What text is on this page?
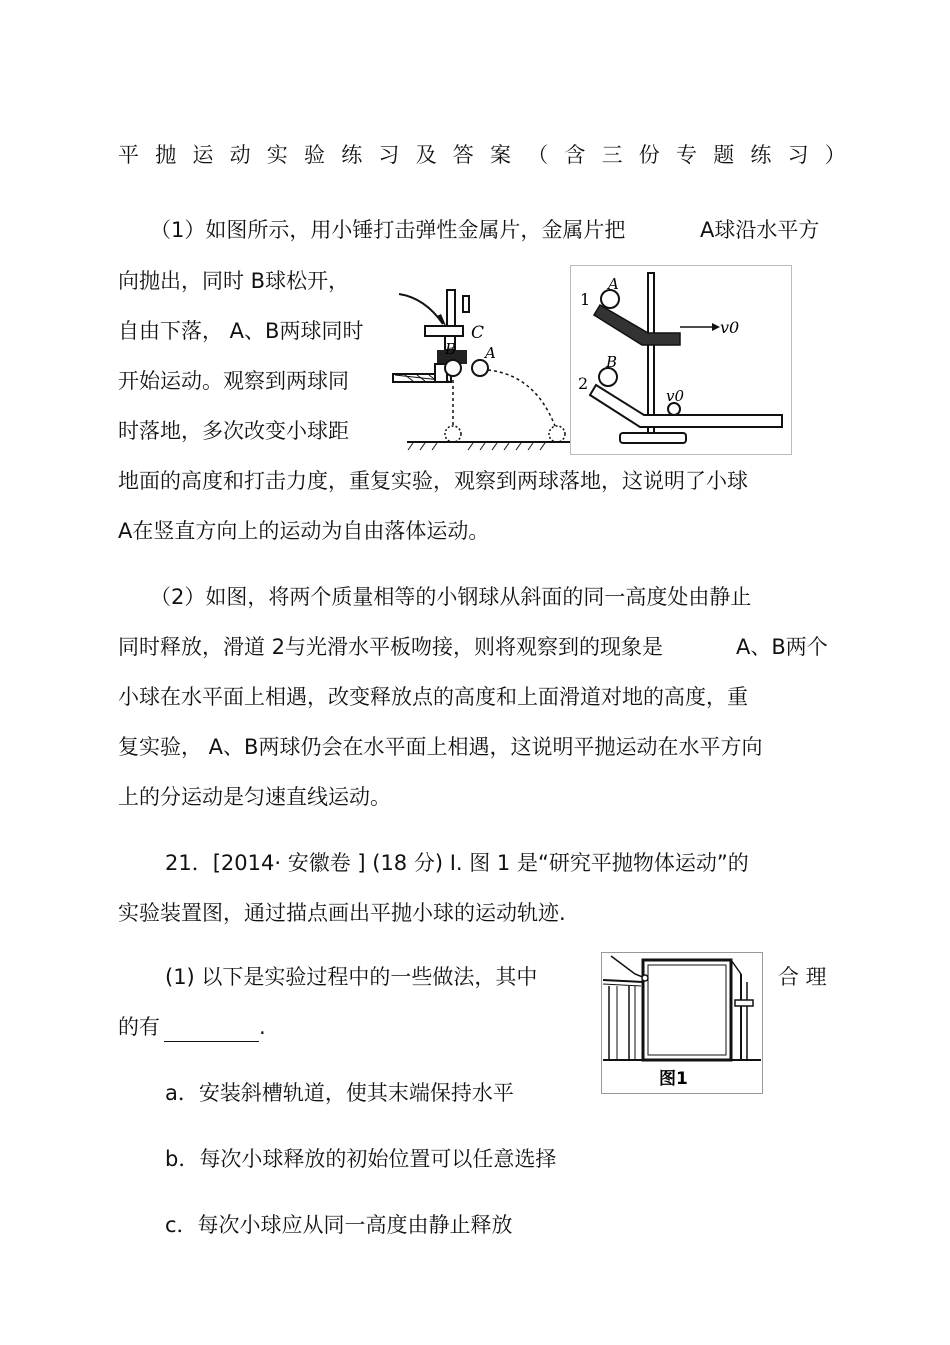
平抛运动实验练习及答案（含三份专题练习）
（1）如图所示，用小锤打击弹性金属片，金属片把	A球沿水平方
向抛出，同时 B球松开，
自由下落， A、B两球同时
开始运动。观察到两球同
时落地，多次改变小球距
地面的高度和打击力度，重复实验，观察到两球落地，这说明了小球
A在竖直方向上的运动为自由落体运动。
C
B A
1
A
v0
2
B
v0
（2）如图，将两个质量相等的小钢球从斜面的同一高度处由静止
同时释放，滑道 2与光滑水平板吻接，则将观察到的现象是	A、B两个
小球在水平面上相遇，改变释放点的高度和上面滑道对地的高度，重
复实验， A、B两球仍会在水平面上相遇，这说明平抛运动在水平方向
上的分运动是匀速直线运动。
21．[2014· 安徽卷 ] (18 分) Ⅰ. 图 1 是“研究平抛物体运动”的
实验装置图，通过描点画出平抛小球的运动轨迹.
(1) 以下是实验过程中的一些做法，其中	合 理
的有	.
图1
a．安装斜槽轨道，使其末端保持水平
b．每次小球释放的初始位置可以任意选择
c．每次小球应从同一高度由静止释放
